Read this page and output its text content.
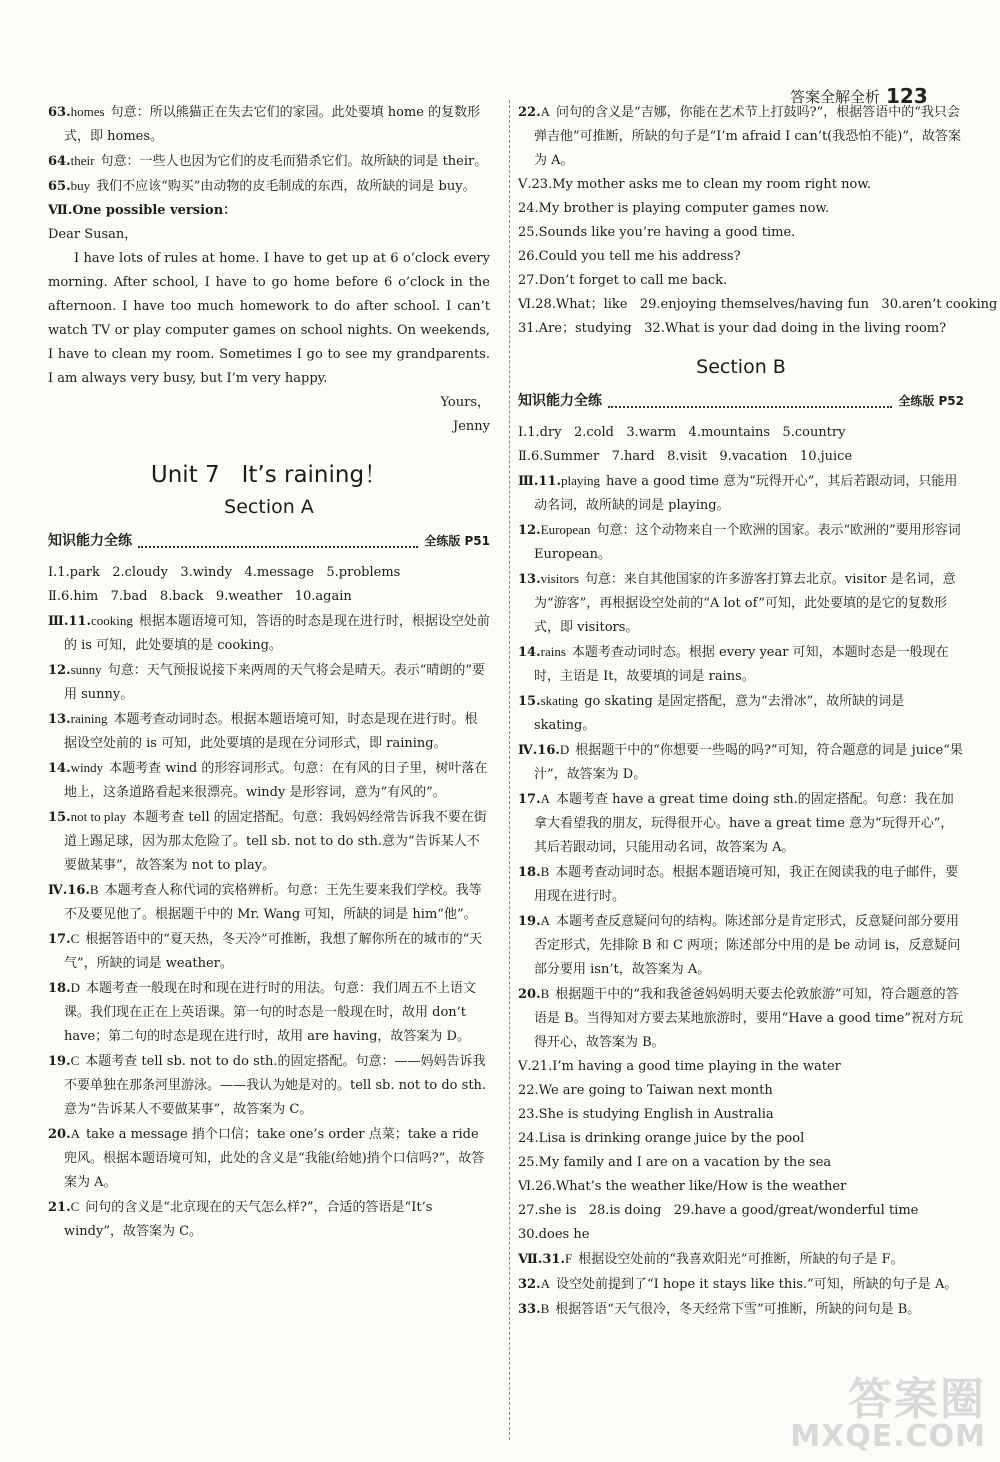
答案全解全析 123
63.homes 句意：所以熊猫正在失去它们的家园。此处要填 home 的复数形式，即 homes。
64.their 句意：一些人也因为它们的皮毛而猎杀它们。故所缺的词是 their。
65.buy 我们不应该“购买”由动物的皮毛制成的东西，故所缺的词是 buy。

Ⅶ.One possible version：

Dear Susan，

I have lots of rules at home. I have to get up at 6 o’clock every morning. After school, I have to go home before 6 o’clock in the afternoon. I have too much homework to do after school. I can’t watch TV or play computer games on school nights. On weekends, I have to clean my room. Sometimes I go to see my grandparents. I am always very busy, but I’m very happy.

Yours，

Jenny

Unit 7   It’s raining！
Section A
知识能力全练	全练版 P51
Ⅰ.1.park   2.cloudy   3.windy   4.message   5.problems
Ⅱ.6.him   7.bad   8.back   9.weather   10.again
Ⅲ.11.cooking 根据本题语境可知，答语的时态是现在进行时，根据设空处前的 is 可知，此处要填的是 cooking。
12.sunny 句意：天气预报说接下来两周的天气将会是晴天。表示“晴朗的”要用 sunny。
13.raining 本题考查动词时态。根据本题语境可知，时态是现在进行时。根据设空处前的 is 可知，此处要填的是现在分词形式，即 raining。
14.windy 本题考查 wind 的形容词形式。句意：在有风的日子里，树叶落在地上，这条道路看起来很漂亮。windy 是形容词，意为“有风的”。
15.not to play 本题考查 tell 的固定搭配。句意：我妈妈经常告诉我不要在街道上踢足球，因为那太危险了。tell sb. not to do sth.意为“告诉某人不要做某事”，故答案为 not to play。
Ⅳ.16.B 本题考查人称代词的宾格辨析。句意：王先生要来我们学校。我等不及要见他了。根据题干中的 Mr. Wang 可知，所缺的词是 him“他”。
17.C 根据答语中的“夏天热，冬天冷”可推断，我想了解你所在的城市的“天气”，所缺的词是 weather。
18.D 本题考查一般现在时和现在进行时的用法。句意：我们周五不上语文课。我们现在正在上英语课。第一句的时态是一般现在时，故用 don’t have；第二句的时态是现在进行时，故用 are having，故答案为 D。
19.C 本题考查 tell sb. not to do sth.的固定搭配。句意：——妈妈告诉我不要单独在那条河里游泳。——我认为她是对的。tell sb. not to do sth.意为“告诉某人不要做某事”，故答案为 C。
20.A take a message 捎个口信；take one’s order 点菜；take a ride 兜风。根据本题语境可知，此处的含义是“我能(给她)捎个口信吗?”，故答案为 A。
21.C 问句的含义是“北京现在的天气怎么样?”，合适的答语是“It’s windy”，故答案为 C。
22.A 问句的含义是“吉娜，你能在艺术节上打鼓吗?”，根据答语中的“我只会弹吉他”可推断，所缺的句子是“I’m afraid I can’t(我恐怕不能)”，故答案为 A。
Ⅴ.23.My mother asks me to clean my room right now.
24.My brother is playing computer games now.
25.Sounds like you’re having a good time.
26.Could you tell me his address?
27.Don’t forget to call me back.
Ⅵ.28.What；like   29.enjoying themselves/having fun   30.aren’t cooking
31.Are；studying   32.What is your dad doing in the living room?
Section B
知识能力全练	全练版 P52
Ⅰ.1.dry   2.cold   3.warm   4.mountains   5.country
Ⅱ.6.Summer   7.hard   8.visit   9.vacation   10.juice
Ⅲ.11.playing have a good time 意为“玩得开心”，其后若跟动词，只能用动名词，故所缺的词是 playing。
12.European 句意：这个动物来自一个欧洲的国家。表示“欧洲的”要用形容词 European。
13.visitors 句意：来自其他国家的许多游客打算去北京。visitor 是名词，意为“游客”，再根据设空处前的“A lot of”可知，此处要填的是它的复数形式，即 visitors。
14.rains 本题考查动词时态。根据 every year 可知，本题时态是一般现在时，主语是 It，故要填的词是 rains。
15.skating go skating 是固定搭配，意为“去滑冰”，故所缺的词是 skating。
Ⅳ.16.D 根据题干中的“你想要一些喝的吗?”可知，符合题意的词是 juice“果汁”，故答案为 D。
17.A 本题考查 have a great time doing sth.的固定搭配。句意：我在加拿大看望我的朋友，玩得很开心。have a great time 意为“玩得开心”，其后若跟动词，只能用动名词，故答案为 A。
18.B 本题考查动词时态。根据本题语境可知，我正在阅读我的电子邮件，要用现在进行时。
19.A 本题考查反意疑问句的结构。陈述部分是肯定形式，反意疑问部分要用否定形式，先排除 B 和 C 两项；陈述部分中用的是 be 动词 is，反意疑问部分要用 isn’t，故答案为 A。
20.B 根据题干中的“我和我爸爸妈妈明天要去伦敦旅游”可知，符合题意的答语是 B。当得知对方要去某地旅游时，要用“Have a good time”祝对方玩得开心，故答案为 B。
Ⅴ.21.I’m having a good time playing in the water
22.We are going to Taiwan next month
23.She is studying English in Australia
24.Lisa is drinking orange juice by the pool
25.My family and I are on a vacation by the sea
Ⅵ.26.What’s the weather like/How is the weather
27.she is   28.is doing   29.have a good/great/wonderful time
30.does he
Ⅶ.31.F 根据设空处前的“我喜欢阳光”可推断，所缺的句子是 F。
32.A 设空处前提到了“I hope it stays like this.”可知，所缺的句子是 A。
33.B 根据答语“天气很冷，冬天经常下雪”可推断，所缺的问句是 B。
答案圈
MXQE.COM
